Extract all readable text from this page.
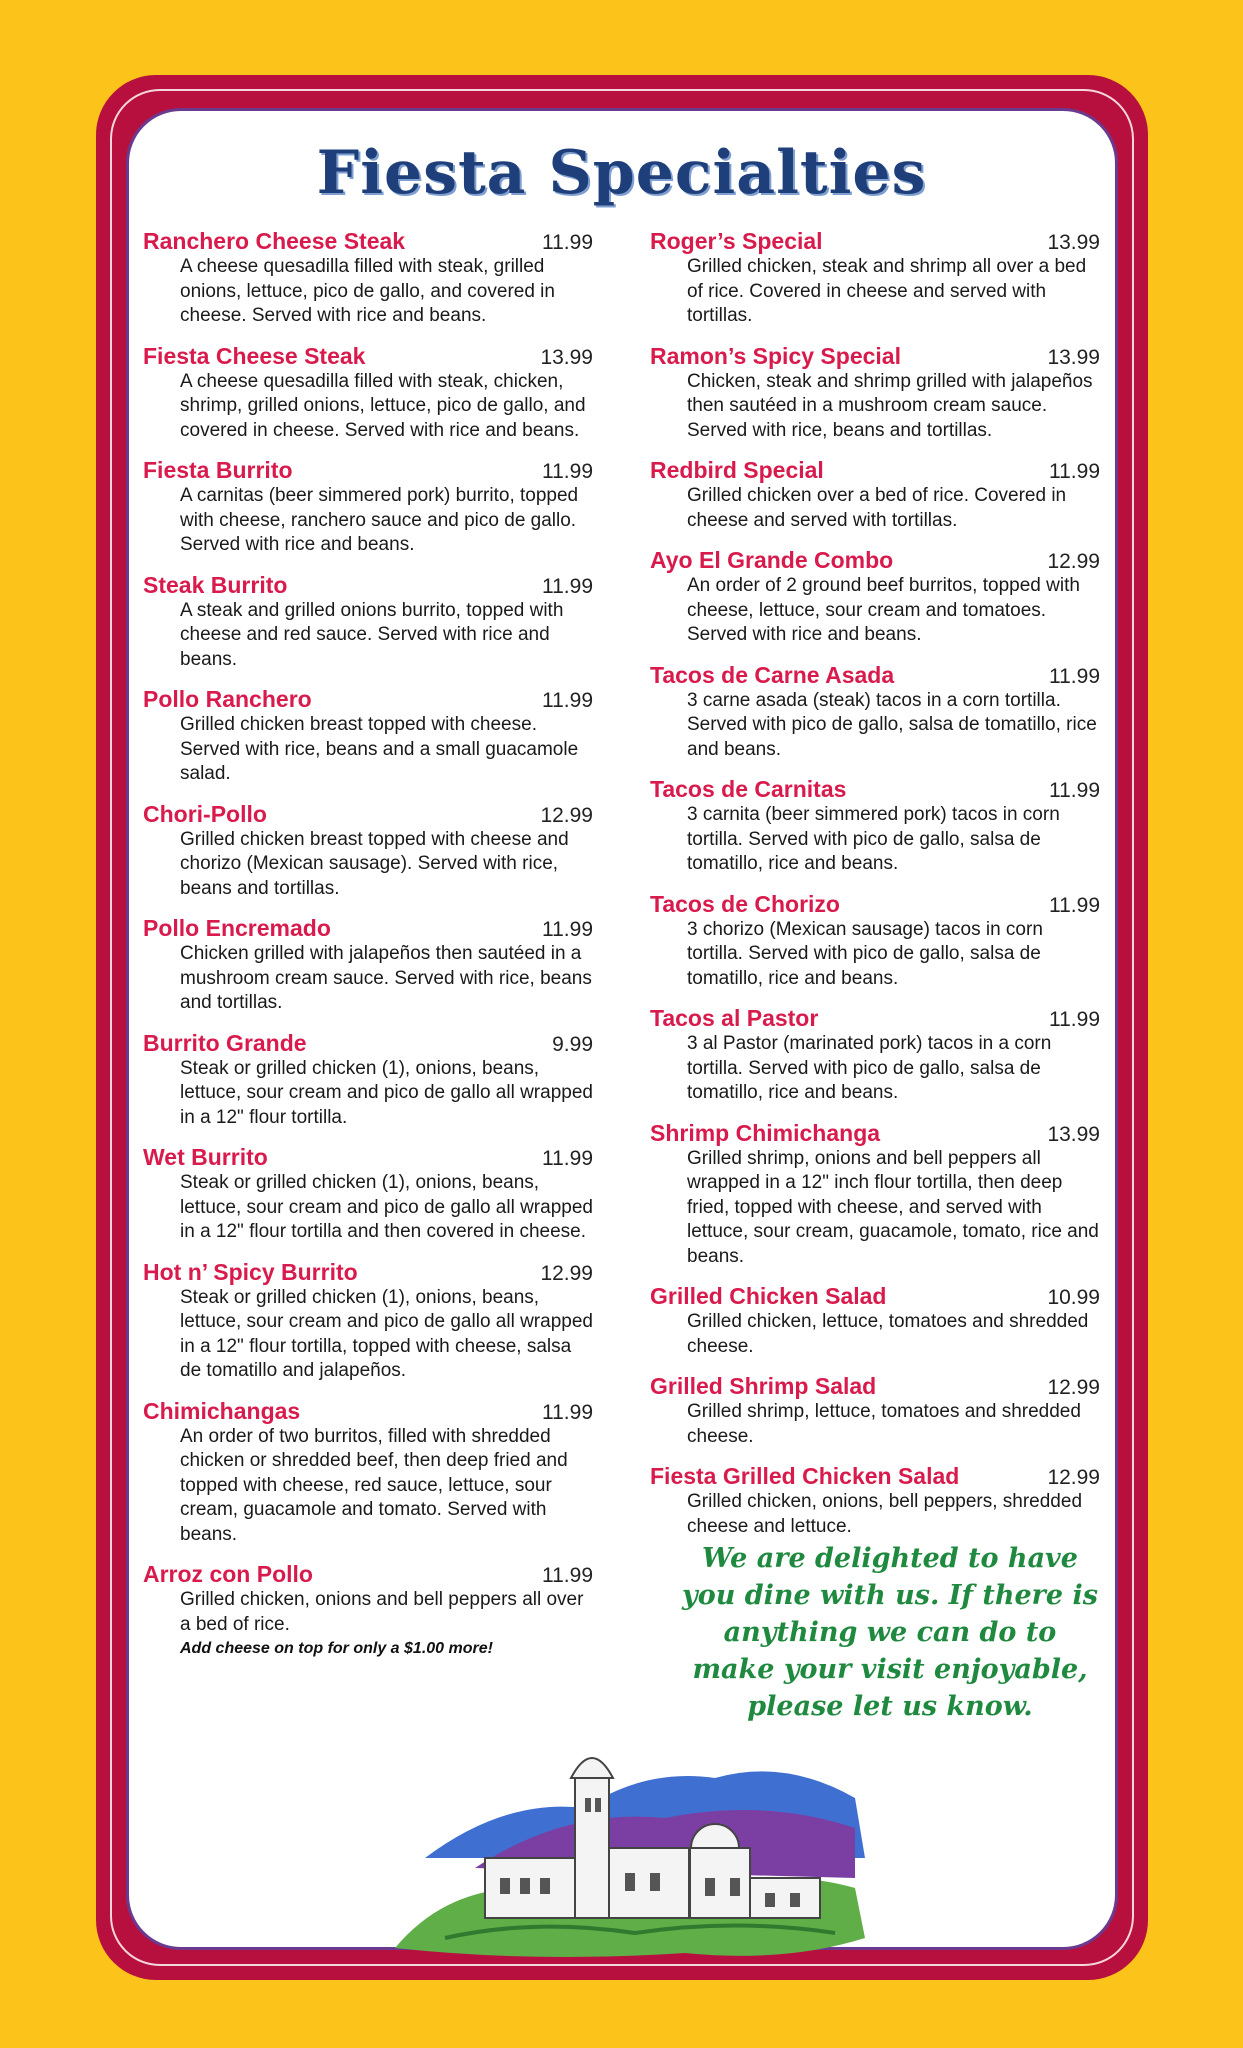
Fiesta Specialties
Ranchero Cheese Steak	11.99
A cheese quesadilla filled with steak, grilled onions, lettuce, pico de gallo, and covered in cheese. Served with rice and beans.
Fiesta Cheese Steak	13.99
A cheese quesadilla filled with steak, chicken, shrimp, grilled onions, lettuce, pico de gallo, and covered in cheese. Served with rice and beans.
Fiesta Burrito	11.99
A carnitas (beer simmered pork) burrito, topped with cheese, ranchero sauce and pico de gallo. Served with rice and beans.
Steak Burrito	11.99
A steak and grilled onions burrito, topped with cheese and red sauce. Served with rice and beans.
Pollo Ranchero	11.99
Grilled chicken breast topped with cheese. Served with rice, beans and a small guacamole salad.
Chori-Pollo	12.99
Grilled chicken breast topped with cheese and chorizo (Mexican sausage). Served with rice, beans and tortillas.
Pollo Encremado	11.99
Chicken grilled with jalapeños then sautéed in a mushroom cream sauce. Served with rice, beans and tortillas.
Burrito Grande	9.99
Steak or grilled chicken (1), onions, beans, lettuce, sour cream and pico de gallo all wrapped in a 12" flour tortilla.
Wet Burrito	11.99
Steak or grilled chicken (1), onions, beans, lettuce, sour cream and pico de gallo all wrapped in a 12" flour tortilla and then covered in cheese.
Hot n’ Spicy Burrito	12.99
Steak or grilled chicken (1), onions, beans, lettuce, sour cream and pico de gallo all wrapped in a 12" flour tortilla, topped with cheese, salsa de tomatillo and jalapeños.
Chimichangas	11.99
An order of two burritos, filled with shredded chicken or shredded beef, then deep fried and topped with cheese, red sauce, lettuce, sour cream, guacamole and tomato. Served with beans.
Arroz con Pollo	11.99
Grilled chicken, onions and bell peppers all over a bed of rice.
Add cheese on top for only a $1.00 more!
Roger’s Special	13.99
Grilled chicken, steak and shrimp all over a bed of rice. Covered in cheese and served with tortillas.
Ramon’s Spicy Special	13.99
Chicken, steak and shrimp grilled with jalapeños then sautéed in a mushroom cream sauce. Served with rice, beans and tortillas.
Redbird Special	11.99
Grilled chicken over a bed of rice. Covered in cheese and served with tortillas.
Ayo El Grande Combo	12.99
An order of 2 ground beef burritos, topped with cheese, lettuce, sour cream and tomatoes. Served with rice and beans.
Tacos de Carne Asada	11.99
3 carne asada (steak) tacos in a corn tortilla. Served with pico de gallo, salsa de tomatillo, rice and beans.
Tacos de Carnitas	11.99
3 carnita (beer simmered pork) tacos in corn tortilla. Served with pico de gallo, salsa de tomatillo, rice and beans.
Tacos de Chorizo	11.99
3 chorizo (Mexican sausage) tacos in corn tortilla. Served with pico de gallo, salsa de tomatillo, rice and beans.
Tacos al Pastor	11.99
3 al Pastor (marinated pork) tacos in a corn tortilla. Served with pico de gallo, salsa de tomatillo, rice and beans.
Shrimp Chimichanga	13.99
Grilled shrimp, onions and bell peppers all wrapped in a 12" inch flour tortilla, then deep fried, topped with cheese, and served with lettuce, sour cream, guacamole, tomato, rice and beans.
Grilled Chicken Salad	10.99
Grilled chicken, lettuce, tomatoes and shredded cheese.
Grilled Shrimp Salad	12.99
Grilled shrimp, lettuce, tomatoes and shredded cheese.
Fiesta Grilled Chicken Salad	12.99
Grilled chicken, onions, bell peppers, shredded cheese and lettuce.
We are delighted to have you dine with us. If there is anything we can do to make your visit enjoyable, please let us know.
